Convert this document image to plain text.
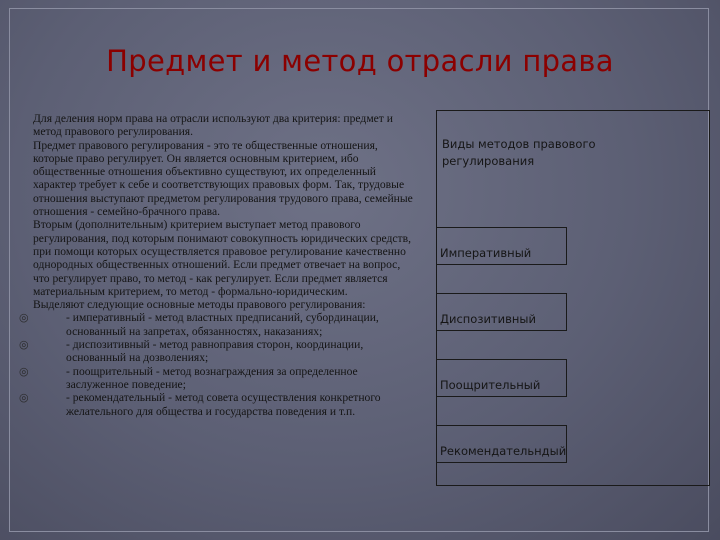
Предмет и метод отрасли права

Для деления норм права на отрасли используют два критерия: предмет и метод правового регулирования.

Предмет правового регулирования - это те общественные отношения, которые право регулирует. Он является основным критерием, ибо общественные отношения объективно существуют, их определенный характер требует к себе и соответствующих правовых форм. Так, трудовые отношения выступают предметом регулирования трудового права, семейные отношения - семейно-брачного права.

Вторым (дополнительным) критерием выступает метод правового регулирования, под которым понимают совокупность юридических средств, при помощи которых осуществляется правовое регулирование качественно однородных общественных отношений. Если предмет отвечает на вопрос, что регулирует право, то метод - как регулирует. Если предмет является материальным критерием, то метод - формально-юридическим.

Выделяют следующие основные методы правового регулирования:

◎	- императивный - метод властных предписаний, субординации, основанный на запретах, обязанностях, наказаниях;
◎	- диспозитивный - метод равноправия сторон, координации, основанный на дозволениях;
◎	- поощрительный - метод вознаграждения за определенное заслуженное поведение;
◎	- рекомендательный - метод совета осуществления конкретного желательного для общества и государства поведения и т.п.
Виды методов правового регулирования
Императивный
Диспозитивный
Поощрительный
Рекомендательндый
